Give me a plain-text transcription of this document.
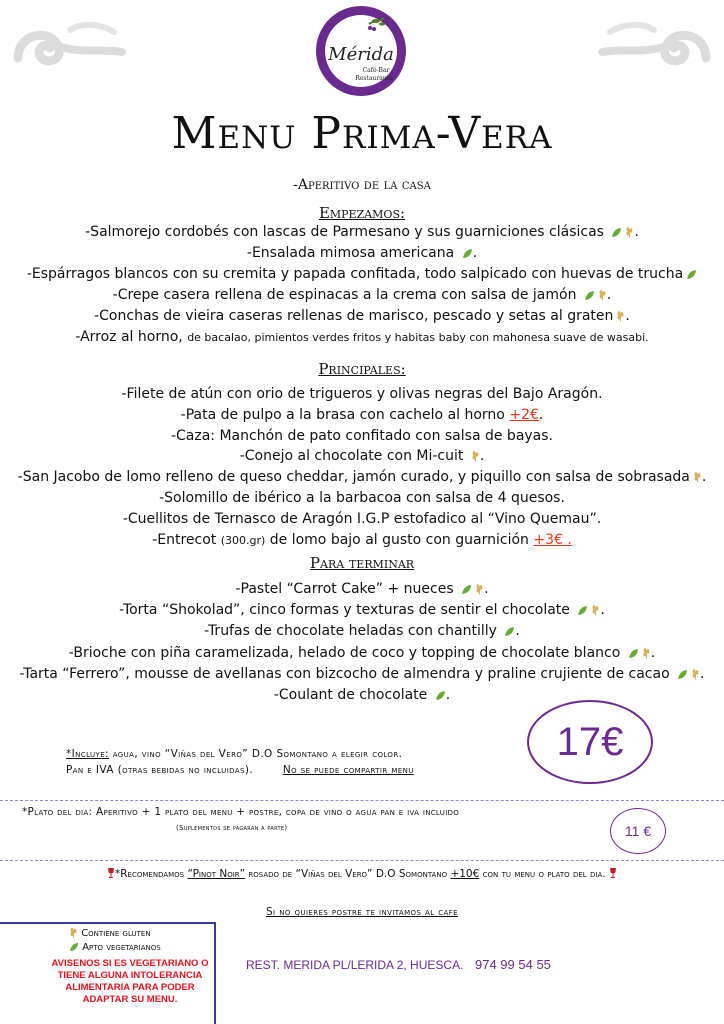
Mérida
Café-Bar
Restaurante
Menu Prima-Vera
-Aperitivo de la casa
Empezamos:
-Salmorejo cordobés con lascas de Parmesano y sus guarniciones clásicas .
-Ensalada mimosa americana .
-Espárragos blancos con su cremita y papada confitada, todo salpicado con huevas de trucha
-Crepe casera rellena de espinacas a la crema con salsa de jamón .
-Conchas de vieira caseras rellenas de marisco, pescado y setas al graten .
-Arroz al horno, de bacalao, pimientos verdes fritos y habitas baby con mahonesa suave de wasabi.
Principales:
-Filete de atún con orio de trigueros y olivas negras del Bajo Aragón.
-Pata de pulpo a la brasa con cachelo al horno +2€.
-Caza: Manchón de pato confitado con salsa de bayas.
-Conejo al chocolate con Mi-cuit .
-San Jacobo de lomo relleno de queso cheddar, jamón curado, y piquillo con salsa de sobrasada .
-Solomillo de ibérico a la barbacoa con salsa de 4 quesos.
-Cuellitos de Ternasco de Aragón I.G.P estofadico al “Vino Quemau”.
-Entrecot (300.gr) de lomo bajo al gusto con guarnición +3€ .
Para terminar
-Pastel “Carrot Cake” + nueces .
-Torta “Shokolad”, cinco formas y texturas de sentir el chocolate .
-Trufas de chocolate heladas con chantilly .
-Brioche con piña caramelizada, helado de coco y topping de chocolate blanco .
-Tarta “Ferrero”, mousse de avellanas con bizcocho de almendra y praline crujiente de cacao .
-Coulant de chocolate .
*Incluye: agua, vino “Viñas del Vero” D.O Somontano a elegir color.
Pan e IVA (otras bebidas no incluidas).	No se puede compartir menu
17€
*Plato del dia: Aperitivo + 1 plato del menu + postre, copa de vino o agua pan e iva incluido
(Suplementos se pagaran a parte)	11 €
*Recomendamos “Pinot Noir” rosado de “Viñas del Vero” D.O Somontano +10€ con tu menu o plato del dia.
Si no quieres postre te invitamos al cafe
Contiene gluten
Apto vegetarianos
AVISENOS SI ES VEGETARIANO O TIENE ALGUNA INTOLERANCIA ALIMENTARIA PARA PODER ADAPTAR SU MENU.
REST. MERIDA PL/LERIDA 2, HUESCA. 974 99 54 55
